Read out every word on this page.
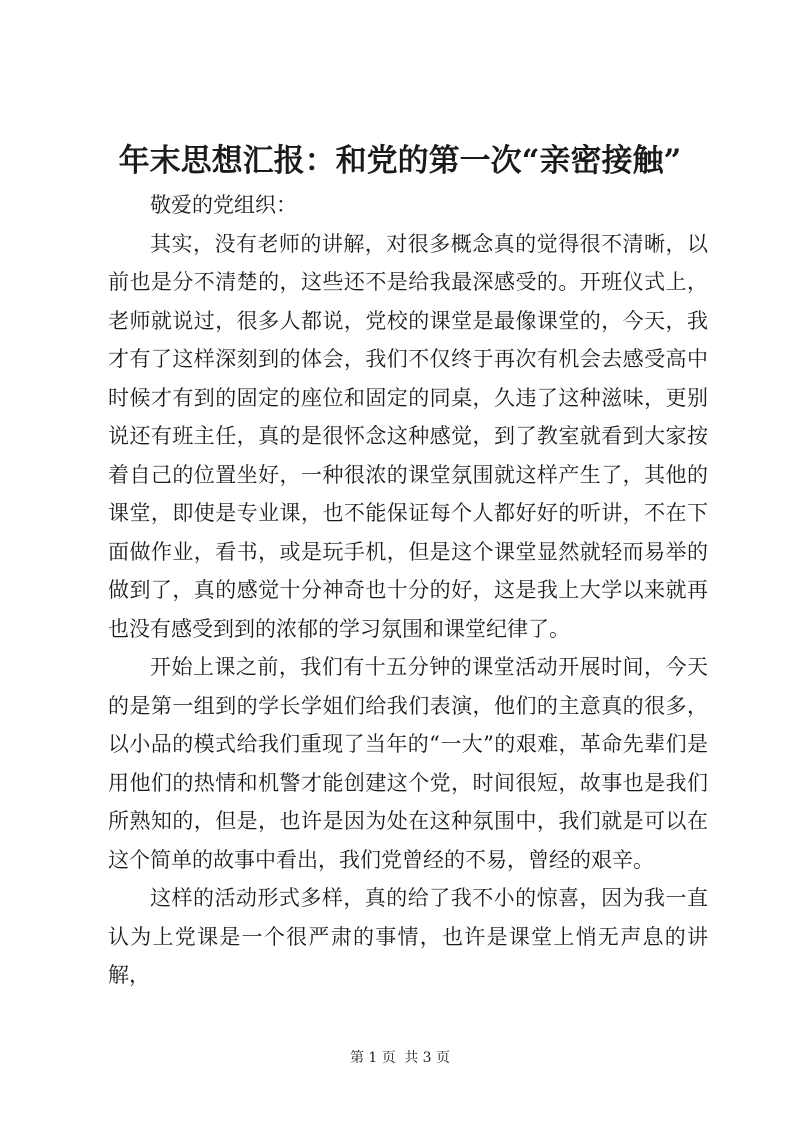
年末思想汇报：和党的第一次“亲密接触”

敬爱的党组织：

其实，没有老师的讲解，对很多概念真的觉得很不清晰，以前也是分不清楚的，这些还不是给我最深感受的。开班仪式上，老师就说过，很多人都说，党校的课堂是最像课堂的，今天，我才有了这样深刻到的体会，我们不仅终于再次有机会去感受高中时候才有到的固定的座位和固定的同桌，久违了这种滋味，更别说还有班主任，真的是很怀念这种感觉，到了教室就看到大家按着自己的位置坐好，一种很浓的课堂氛围就这样产生了，其他的课堂，即使是专业课，也不能保证每个人都好好的听讲，不在下面做作业，看书，或是玩手机，但是这个课堂显然就轻而易举的做到了，真的感觉十分神奇也十分的好，这是我上大学以来就再也没有感受到到的浓郁的学习氛围和课堂纪律了。

开始上课之前，我们有十五分钟的课堂活动开展时间，今天的是第一组到的学长学姐们给我们表演，他们的主意真的很多，以小品的模式给我们重现了当年的“一大”的艰难，革命先辈们是用他们的热情和机警才能创建这个党，时间很短，故事也是我们所熟知的，但是，也许是因为处在这种氛围中，我们就是可以在这个简单的故事中看出，我们党曾经的不易，曾经的艰辛。

这样的活动形式多样，真的给了我不小的惊喜，因为我一直认为上党课是一个很严肃的事情，也许是课堂上悄无声息的讲解，

第 1 页 共 3 页
